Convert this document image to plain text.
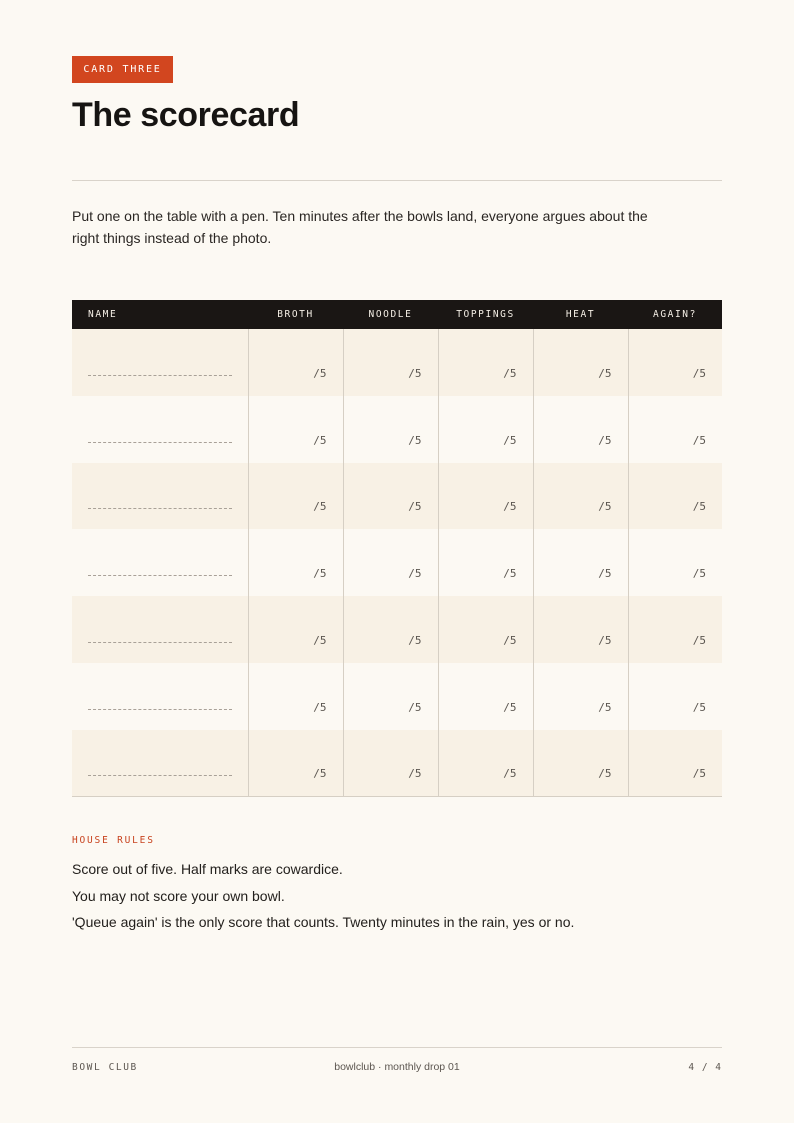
CARD THREE
The scorecard

Put one on the table with a pen. Ten minutes after the bowls land, everyone argues about the right things instead of the photo.

NAME	BROTH	NOODLE	TOPPINGS	HEAT	AGAIN?
	/5	/5	/5	/5	/5
	/5	/5	/5	/5	/5
	/5	/5	/5	/5	/5
	/5	/5	/5	/5	/5
	/5	/5	/5	/5	/5
	/5	/5	/5	/5	/5
	/5	/5	/5	/5	/5
HOUSE RULES
Score out of five. Half marks are cowardice.
You may not score your own bowl.
'Queue again' is the only score that counts. Twenty minutes in the rain, yes or no.
BOWL CLUB	bowlclub · monthly drop 01	4 / 4
